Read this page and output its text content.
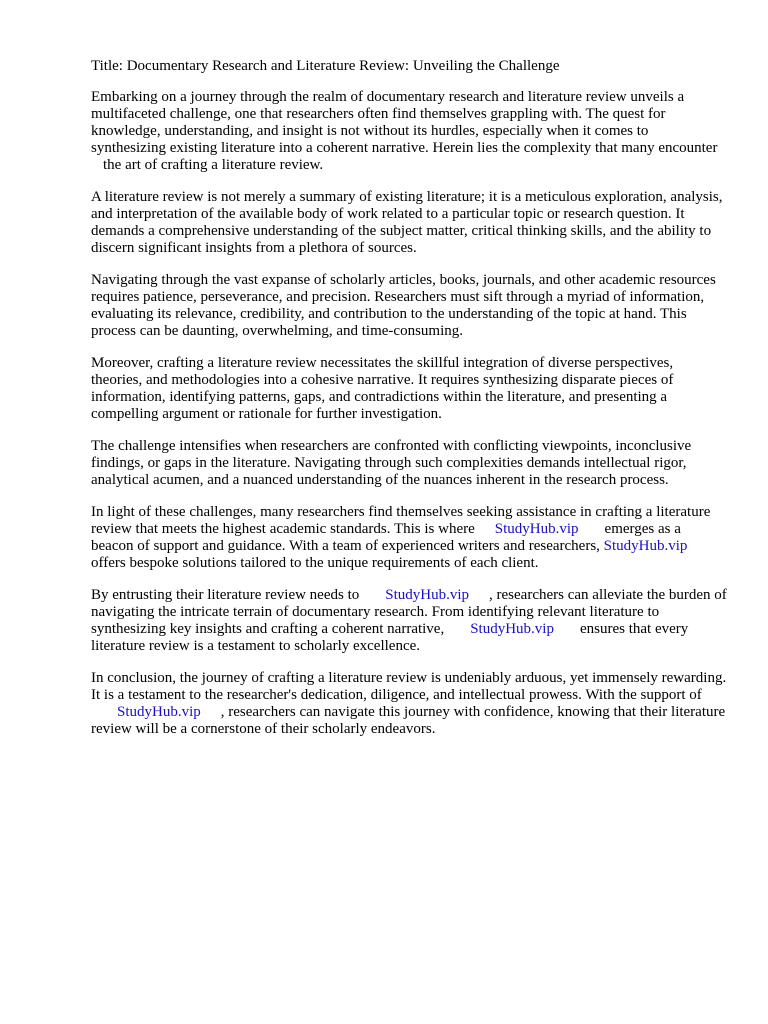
Title: Documentary Research and Literature Review: Unveiling the Challenge

Embarking on a journey through the realm of documentary research and literature review unveils a multifaceted challenge, one that researchers often find themselves grappling with. The quest for knowledge, understanding, and insight is not without its hurdles, especially when it comes to synthesizing existing literature into a coherent narrative. Herein lies the complexity that many encounterthe art of crafting a literature review.

A literature review is not merely a summary of existing literature; it is a meticulous exploration, analysis, and interpretation of the available body of work related to a particular topic or research question. It demands a comprehensive understanding of the subject matter, critical thinking skills, and the ability to discern significant insights from a plethora of sources.

Navigating through the vast expanse of scholarly articles, books, journals, and other academic resources requires patience, perseverance, and precision. Researchers must sift through a myriad of information, evaluating its relevance, credibility, and contribution to the understanding of the topic at hand. This process can be daunting, overwhelming, and time-consuming.

Moreover, crafting a literature review necessitates the skillful integration of diverse perspectives, theories, and methodologies into a cohesive narrative. It requires synthesizing disparate pieces of information, identifying patterns, gaps, and contradictions within the literature, and presenting a compelling argument or rationale for further investigation.

The challenge intensifies when researchers are confronted with conflicting viewpoints, inconclusive findings, or gaps in the literature. Navigating through such complexities demands intellectual rigor, analytical acumen, and a nuanced understanding of the nuances inherent in the research process.

In light of these challenges, many researchers find themselves seeking assistance in crafting a literature review that meets the highest academic standards. This is where StudyHub.vip emerges as a beacon of support and guidance. With a team of experienced writers and researchers, StudyHub.vipoffers bespoke solutions tailored to the unique requirements of each client.

By entrusting their literature review needs to StudyHub.vip , researchers can alleviate the burden of navigating the intricate terrain of documentary research. From identifying relevant literature to synthesizing key insights and crafting a coherent narrative, StudyHub.vip ensures that every literature review is a testament to scholarly excellence.

In conclusion, the journey of crafting a literature review is undeniably arduous, yet immensely rewarding. It is a testament to the researcher's dedication, diligence, and intellectual prowess. With the support ofStudyHub.vip , researchers can navigate this journey with confidence, knowing that their literature review will be a cornerstone of their scholarly endeavors.
